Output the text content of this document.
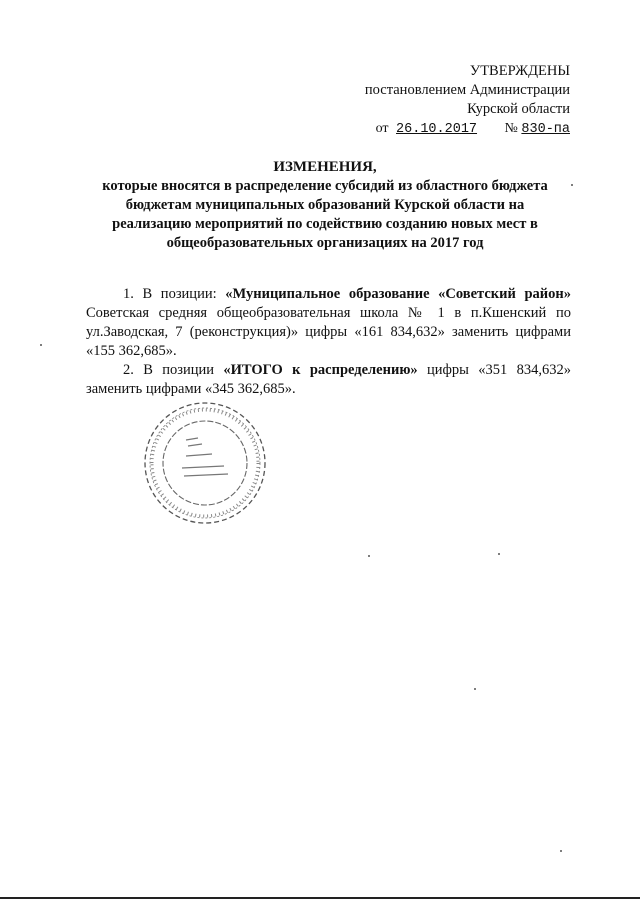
УТВЕРЖДЕНЫ
постановлением Администрации
Курской области
от 26.10.2017 № 830-па
ИЗМЕНЕНИЯ,
которые вносятся в распределение субсидий из областного бюджета
бюджетам муниципальных образований Курской области на
реализацию мероприятий по содействию созданию новых мест в
общеобразовательных организациях на 2017 год

1. В позиции: «Муниципальное образование «Советский район» Советская средняя общеобразовательная школа № 1 в п.Кшенский по ул.Заводская, 7 (реконструкция)» цифры «161 834,632» заменить цифрами «155 362,685».

2. В позиции «ИТОГО к распределению» цифры «351 834,632» заменить цифрами «345 362,685».
